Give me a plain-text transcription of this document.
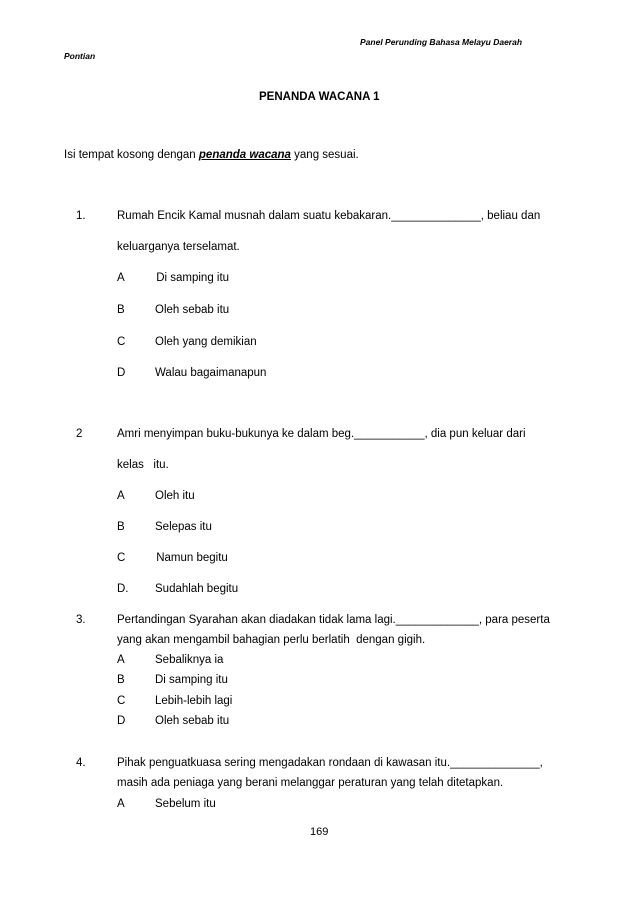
Panel Perunding Bahasa Melayu Daerah
Pontian
PENANDA WACANA 1
Isi tempat kosong dengan penanda wacana yang sesuai.
1.	Rumah Encik Kamal musnah dalam suatu kebakaran.______________, beliau dan
keluarganya terselamat.
A Di samping itu
B	Oleh sebab itu
C	Oleh yang demikian
D	Walau bagaimanapun
2	Amri menyimpan buku-bukunya ke dalam beg.___________, dia pun keluar dari
kelas   itu.
A	Oleh itu
B	Selepas itu
C Namun begitu
D. Sudahlah begitu
3.	Pertandingan Syarahan akan diadakan tidak lama lagi._____________, para peserta
yang akan mengambil bahagian perlu berlatih  dengan gigih.
A	Sebaliknya ia
B	Di samping itu
C	Lebih-lebih lagi
D	Oleh sebab itu
4.	Pihak penguatkuasa sering mengadakan rondaan di kawasan itu.______________,
masih ada peniaga yang berani melanggar peraturan yang telah ditetapkan.
A	Sebelum itu
169
